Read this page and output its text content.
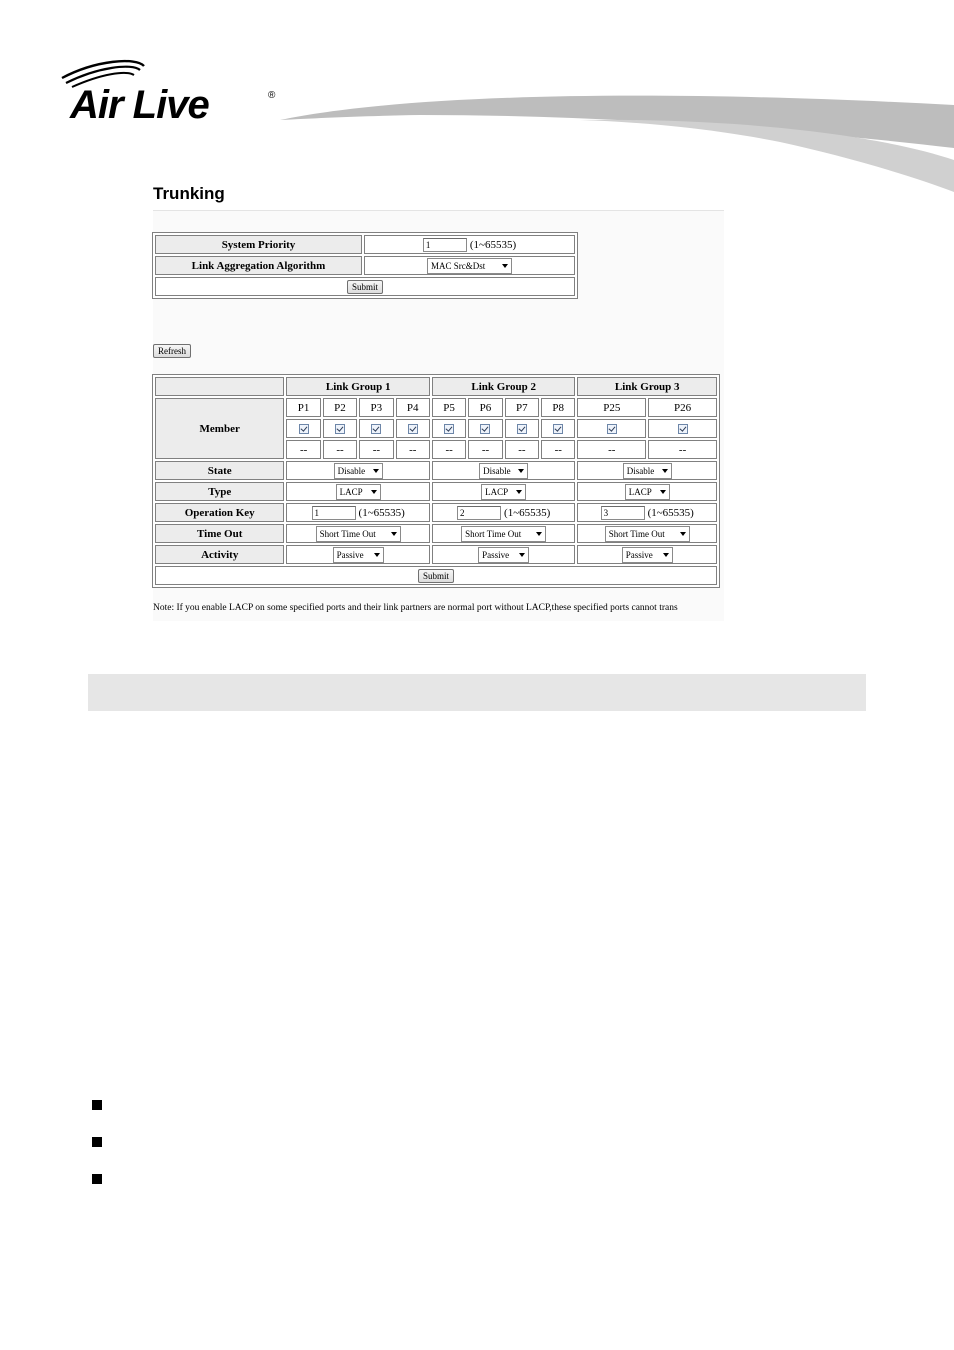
Air Live	®
Trunking
System Priority	1 (1~65535)
Link Aggregation Algorithm	MAC Src&Dst

Submit	
Refresh
	Link Group 1				Link Group 2				Link Group 3	
Member	P1	P2	P3	P4	P5	P6	P7	P8	P25	P26

	--	--	--	--	--	--	--	--	--	--
State	Disable				Disable				Disable	

Type	LACP				LACP				LACP	

Operation Key	1 (1~65535)				2 (1~65535)				3 (1~65535)	
Time Out	Short Time Out				Short Time Out				Short Time Out	

Activity	Passive				Passive				Passive	

Submit										
Note: If you enable LACP on some specified ports and their link partners are normal port without LACP,these specified ports cannot trans
